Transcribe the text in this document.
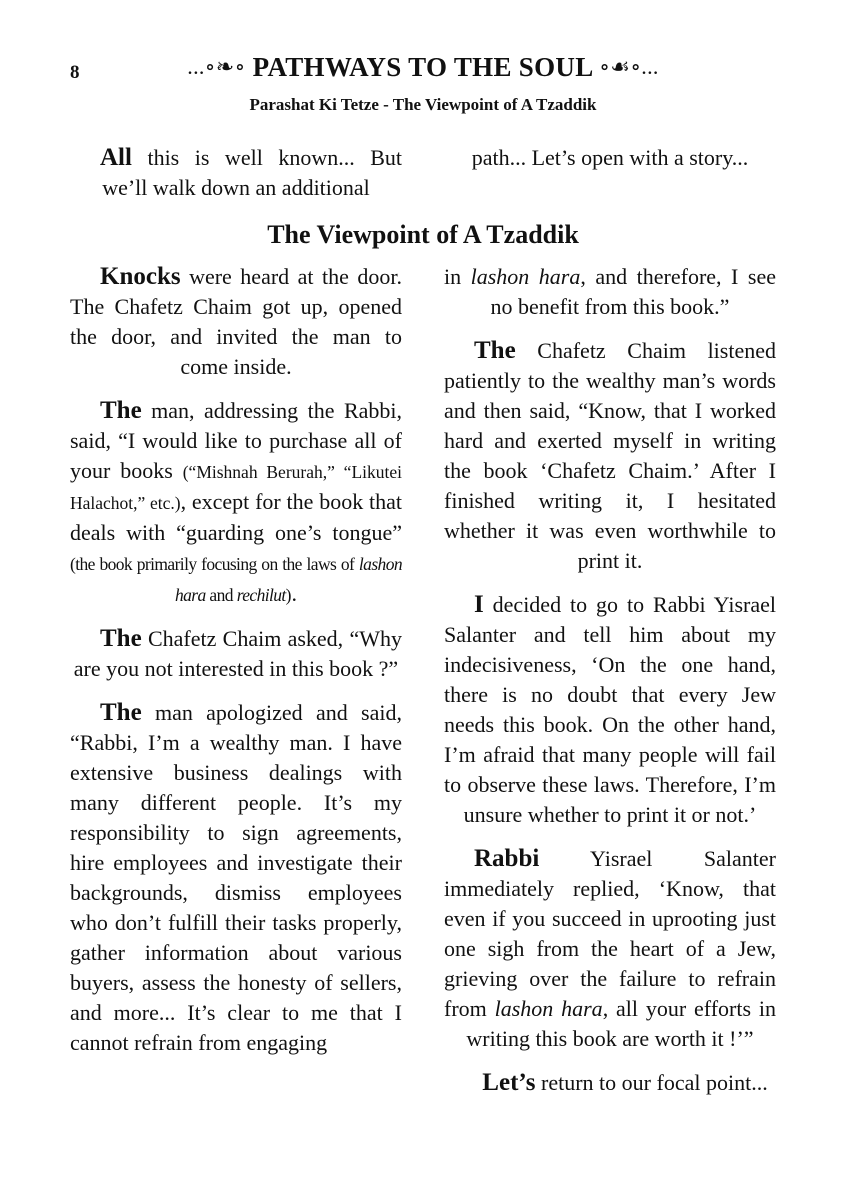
8	...∘❧∘ PATHWAYS TO THE SOUL ∘☙∘...
Parashat Ki Tetze - The Viewpoint of A Tzaddik

All this is well known... But we’ll walk down an additional

path... Let’s open with a story...

The Viewpoint of A Tzaddik

Knocks were heard at the door. The Chafetz Chaim got up, opened the door, and invited the man to come inside.

The man, addressing the Rabbi, said, “I would like to purchase all of your books (“Mishnah Berurah,” “Likutei Halachot,” etc.), except for the book that deals with “guarding one’s tongue” (the book primarily focusing on the laws of lashon hara and rechilut).

The Chafetz Chaim asked, “Why are you not interested in this book ?”

The man apologized and said, “Rabbi, I’m a wealthy man. I have extensive business dealings with many different people. It’s my responsibility to sign agreements, hire employees and investigate their backgrounds, dismiss employees who don’t fulfill their tasks properly, gather information about various buyers, assess the honesty of sellers, and more... It’s clear to me that I cannot refrain from engaging

in lashon hara, and therefore, I see no benefit from this book.”

The Chafetz Chaim listened patiently to the wealthy man’s words and then said, “Know, that I worked hard and exerted myself in writing the book ‘Chafetz Chaim.’ After I finished writing it, I hesitated whether it was even worthwhile to print it.

I decided to go to Rabbi Yisrael Salanter and tell him about my indecisiveness, ‘On the one hand, there is no doubt that every Jew needs this book. On the other hand, I’m afraid that many people will fail to observe these laws. Therefore, I’m unsure whether to print it or not.’

Rabbi Yisrael Salanter immediately replied, ‘Know, that even if you succeed in uprooting just one sigh from the heart of a Jew, grieving over the failure to refrain from lashon hara, all your efforts in writing this book are worth it !’”

Let’s return to our focal point...
